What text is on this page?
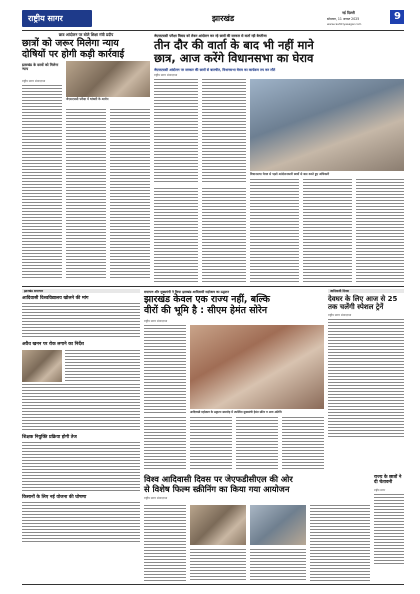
राष्ट्रीय सागर	झारखंड
नई दिल्ली
सोमवार, 11 अगस्त 2025
www.rashtriyasagar.com
9
छात्र आंदोलन पर बोले शिक्षा मंत्री प्रदीप
छात्रों को जरूर मिलेगा न्याय
दोषियों पर होगी कड़ी कार्रवाई
झारखंड के छात्रों को मिलेगा न्याय
राष्ट्रीय सागर संवाददाता
जेएसएससी परीक्षा में धांधली के आरोप
जेएसएससी परीक्षा विवाद को लेकर आंदोलन कर रहे छात्रों की सरकार से वार्ता रही बेनतीजा
तीन दौर की वार्ता के बाद भी नहीं माने
छात्र, आज करेंगे विधानसभा का घेराव
जेएसएससी आंदोलन पर सरकार की छात्रों से बातचीत, विधानसभा घेराव का कार्यक्रम तय कर लौटे
राष्ट्रीय सागर संवाददाता
विधानसभा घेराव से पहले आंदोलनकारी छात्रों से बात करते हुए अधिकारी
झारखंड समाचार
आदिवासी विश्वविद्यालय खोलने की मांग
अवैध खनन पर रोक लगाने का निर्देश
शिक्षक नियुक्ति प्रक्रिया होगी तेज
किसानों के लिए नई योजना की घोषणा
रामायण और मुख्यमंत्री ने किया झारखंड आदिवासी महोत्सव का उद्घाटन
झारखंड केवल एक राज्य नहीं, बल्कि
वीरों की भूमि है : सीएम हेमंत सोरेन
राष्ट्रीय सागर संवाददाता
आदिवासी महोत्सव के उद्घाटन समारोह में उपस्थित मुख्यमंत्री हेमंत सोरेन व अन्य अतिथि
आदिवासी दिवस
देवघर के लिए आज से 25 तक चलेंगी स्पेशल ट्रेनें
राष्ट्रीय सागर संवाददाता
विश्व आदिवासी दिवस पर जेएफडीसीएल की ओर
से विशेष फिल्म स्क्रीनिंग का किया गया आयोजन
राष्ट्रीय सागर संवाददाता
राज्य के छात्रों ने दी चेतावनी
राष्ट्रीय सागर
